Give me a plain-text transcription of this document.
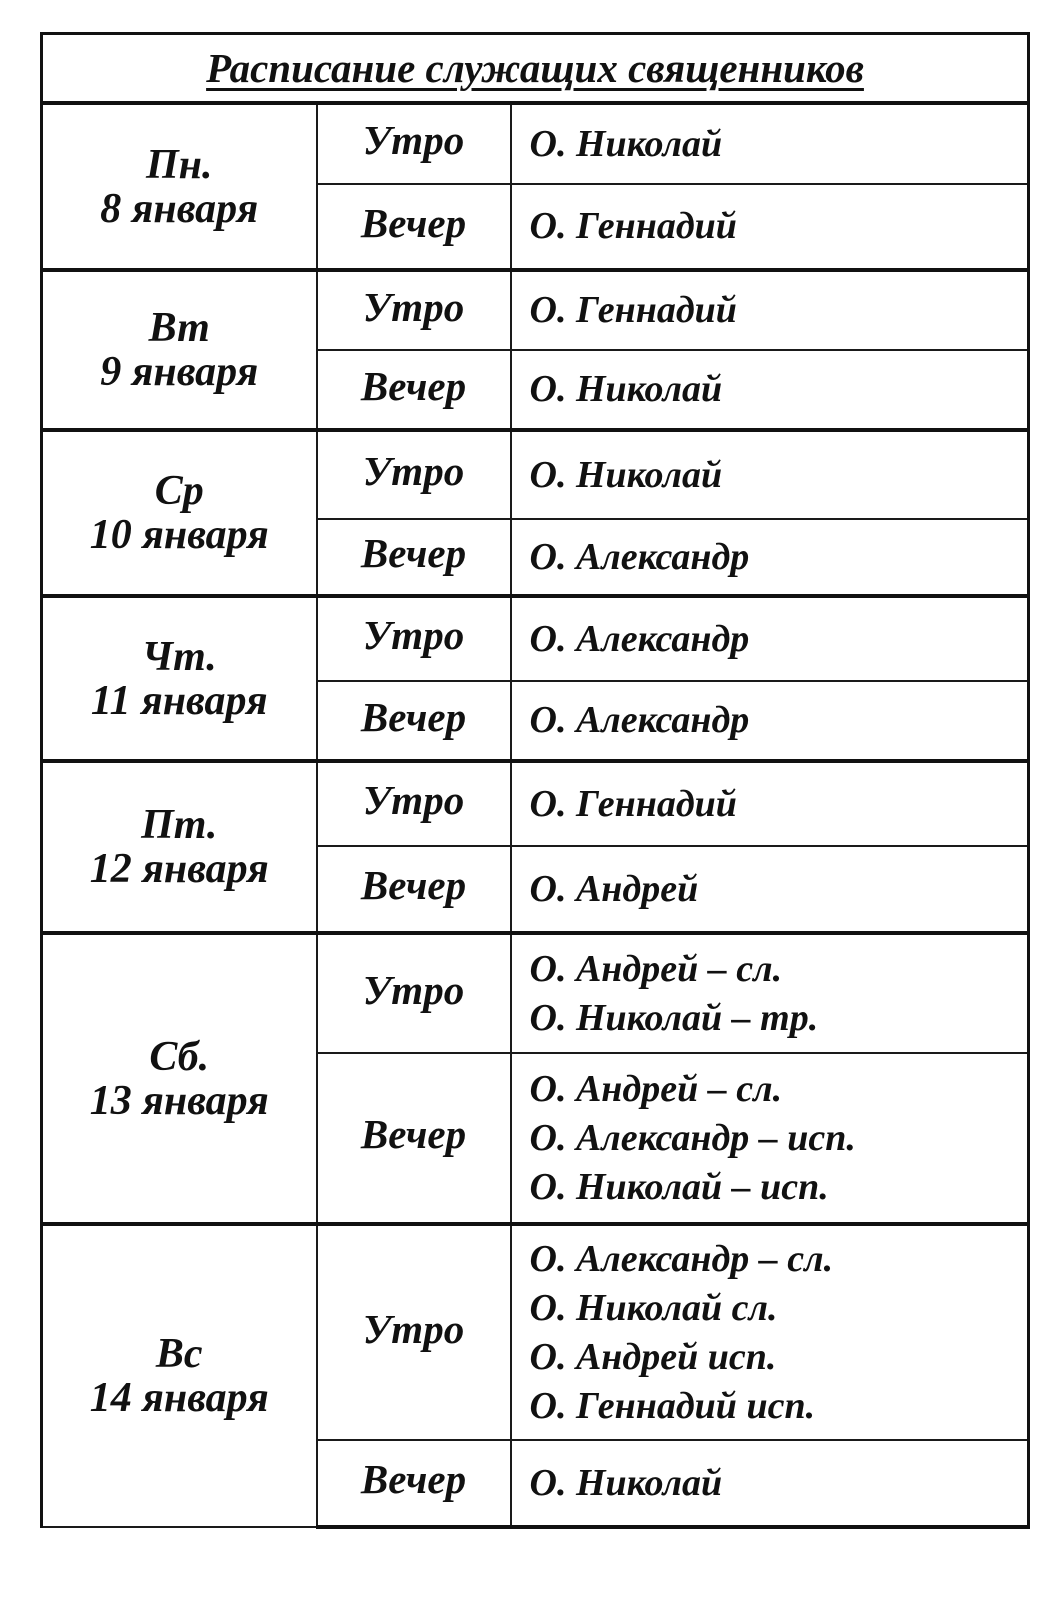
Расписание служащих священников		

Пн.
8 января	Утро	О. Николай

	Вечер	О. Геннадий

Вт
9 января	Утро	О. Геннадий

	Вечер	О. Николай

Ср
10 января	Утро	О. Николай

	Вечер	О. Александр

Чт.
11 января	Утро	О. Александр

	Вечер	О. Александр

Пт.
12 января	Утро	О. Геннадий

	Вечер	О. Андрей

Сб.
13 января	Утро	О. Андрей – сл.
О. Николай – тр.

	Вечер	О. Андрей – сл.
О. Александр – исп.
О. Николай – исп.

Вс
14 января	Утро	О. Александр – сл.
О. Николай сл.
О. Андрей исп.
О. Геннадий исп.

	Вечер	О. Николай
